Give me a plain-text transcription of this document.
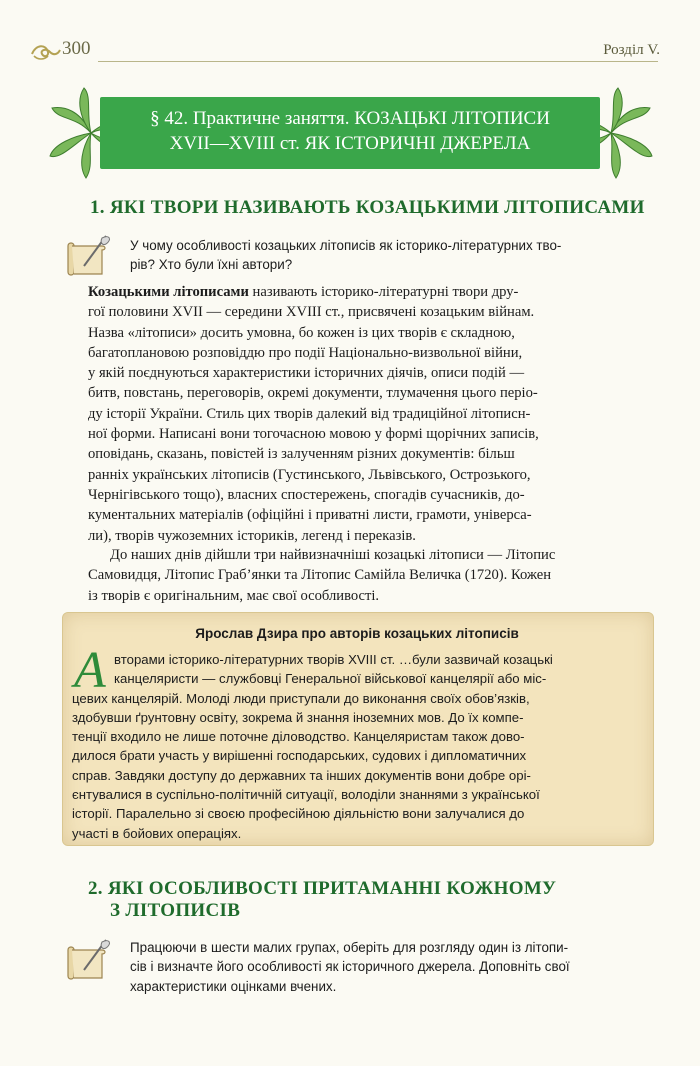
300	Розділ V.
§ 42. Практичне заняття. КОЗАЦЬКІ ЛІТОПИСИ
XVII—XVIII ст. ЯК ІСТОРИЧНІ ДЖЕРЕЛА
1. ЯКІ ТВОРИ НАЗИВАЮТЬ КОЗАЦЬКИМИ ЛІТОПИСАМИ
У чому особливості козацьких літописів як історико-літературних тво-
рів? Хто були їхні автори?
Козацькими літописами називають історико-літературні твори дру-
гої половини XVII — середини XVIII ст., присвячені козацьким війнам.
Назва «літописи» досить умовна, бо кожен із цих творів є складною,
багатоплановою розповіддю про події Національно-визвольної війни,
у якій поєднуються характеристики історичних діячів, описи подій —
битв, повстань, переговорів, окремі документи, тлумачення цього періо-
ду історії України. Стиль цих творів далекий від традиційної літописн-
ної форми. Написані вони тогочасною мовою у формі щорічних записів,
оповідань, сказань, повістей із залученням різних документів: більш
ранніх українських літописів (Густинського, Львівського, Острозького,
Чернігівського тощо), власних спостережень, спогадів сучасників, до-
кументальних матеріалів (офіційні і приватні листи, грамоти, універса-
ли), творів чужоземних істориків, легенд і переказів.
До наших днів дійшли три найвизначніші козацькі літописи — Літопис
Самовидця, Літопис Граб’янки та Літопис Самійла Величка (1720). Кожен
із творів є оригінальним, має свої особливості.
Ярослав Дзира про авторів козацьких літописів
А вторами історико-літературних творів XVIII ст. …були зазвичай козацькі
канцеляристи — службовці Генеральної військової канцелярії або міс-
цевих канцелярій. Молоді люди приступали до виконання своїх обов’язків,
здобувши ґрунтовну освіту, зокрема й знання іноземних мов. До їх компе-
тенції входило не лише поточне діловодство. Канцеляристам також дово-
дилося брати участь у вирішенні господарських, судових і дипломатичних
справ. Завдяки доступу до державних та інших документів вони добре орі-
єнтувалися в суспільно-політичній ситуації, володіли знаннями з української
історії. Паралельно зі своєю професійною діяльністю вони залучалися до
участі в бойових операціях.
2. ЯКІ ОСОБЛИВОСТІ ПРИТАМАННІ КОЖНОМУ
З ЛІТОПИСІВ
Працюючи в шести малих групах, оберіть для розгляду один із літопи-
сів і визначте його особливості як історичного джерела. Доповніть свої
характеристики оцінками вчених.
